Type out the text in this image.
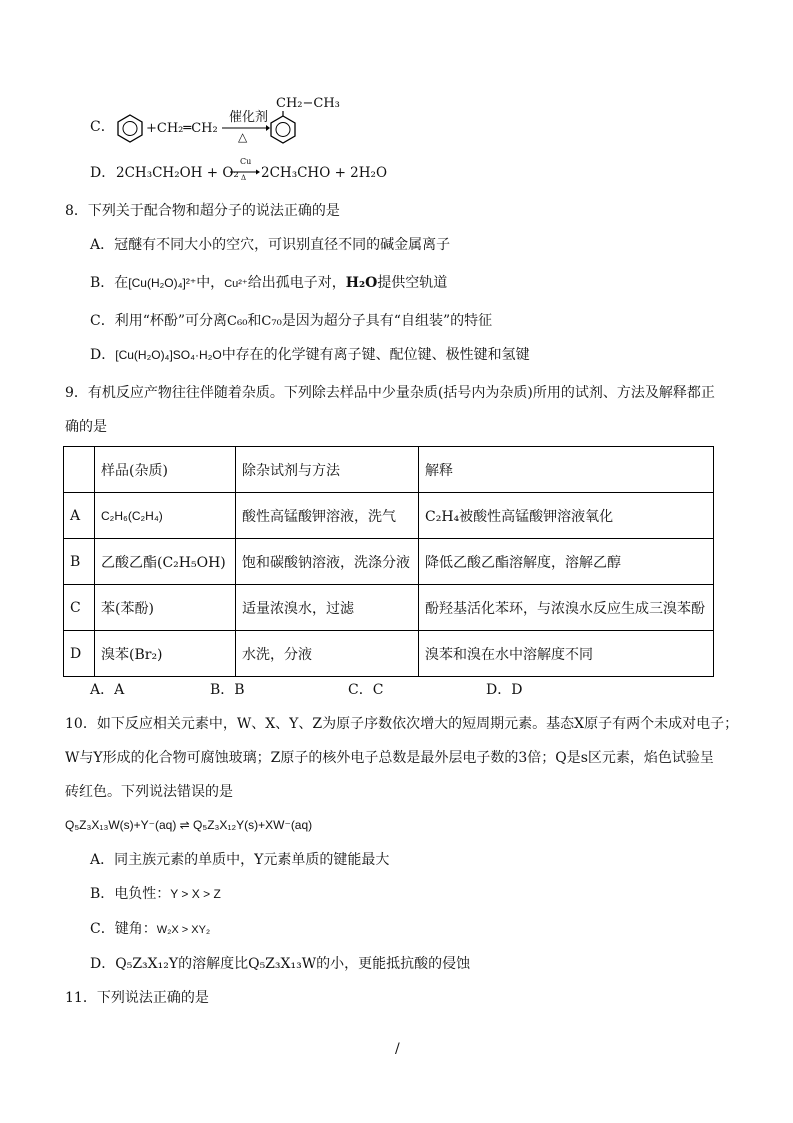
C． +CH₂═CH₂
催化剂
△
CH₂−CH₃
D． 2CH₃CH₂OH + O₂
Cu
Δ 2CH₃CHO + 2H₂O
8．下列关于配合物和超分子的说法正确的是
A．冠醚有不同大小的空穴，可识别直径不同的碱金属离子
B．在[Cu(H₂O)₄]²⁺中，Cu²⁺给出孤电子对，H₂O提供空轨道
C．利用“杯酚”可分离C₆₀和C₇₀是因为超分子具有“自组装”的特征
D．[Cu(H₂O)₄]SO₄·H₂O中存在的化学键有离子键、配位键、极性键和氢键
9．有机反应产物往往伴随着杂质。下列除去样品中少量杂质(括号内为杂质)所用的试剂、方法及解释都正
确的是
	样品(杂质)	除杂试剂与方法	解释
A	C₂H₆(C₂H₄)	酸性高锰酸钾溶液，洗气	C₂H₄被酸性高锰酸钾溶液氧化
B	乙酸乙酯(C₂H₅OH)	饱和碳酸钠溶液，洗涤分液	降低乙酸乙酯溶解度，溶解乙醇
C	苯(苯酚)	适量浓溴水，过滤	酚羟基活化苯环，与浓溴水反应生成三溴苯酚
D	溴苯(Br₂)	水洗，分液	溴苯和溴在水中溶解度不同
A．A	B．B	C．C	D．D
10．如下反应相关元素中，W、X、Y、Z为原子序数依次增大的短周期元素。基态X原子有两个未成对电子；
W与Y形成的化合物可腐蚀玻璃；Z原子的核外电子总数是最外层电子数的3倍；Q是s区元素，焰色试验呈
砖红色。下列说法错误的是
Q₅Z₃X₁₃W(s)+Y⁻(aq) ⇌ Q₅Z₃X₁₂Y(s)+XW⁻(aq)
A．同主族元素的单质中，Y元素单质的键能最大
B．电负性：Y > X > Z
C．键角：W₂X > XY₂
D．Q₅Z₃X₁₂Y的溶解度比Q₅Z₃X₁₃W的小，更能抵抗酸的侵蚀
11．下列说法正确的是
/
